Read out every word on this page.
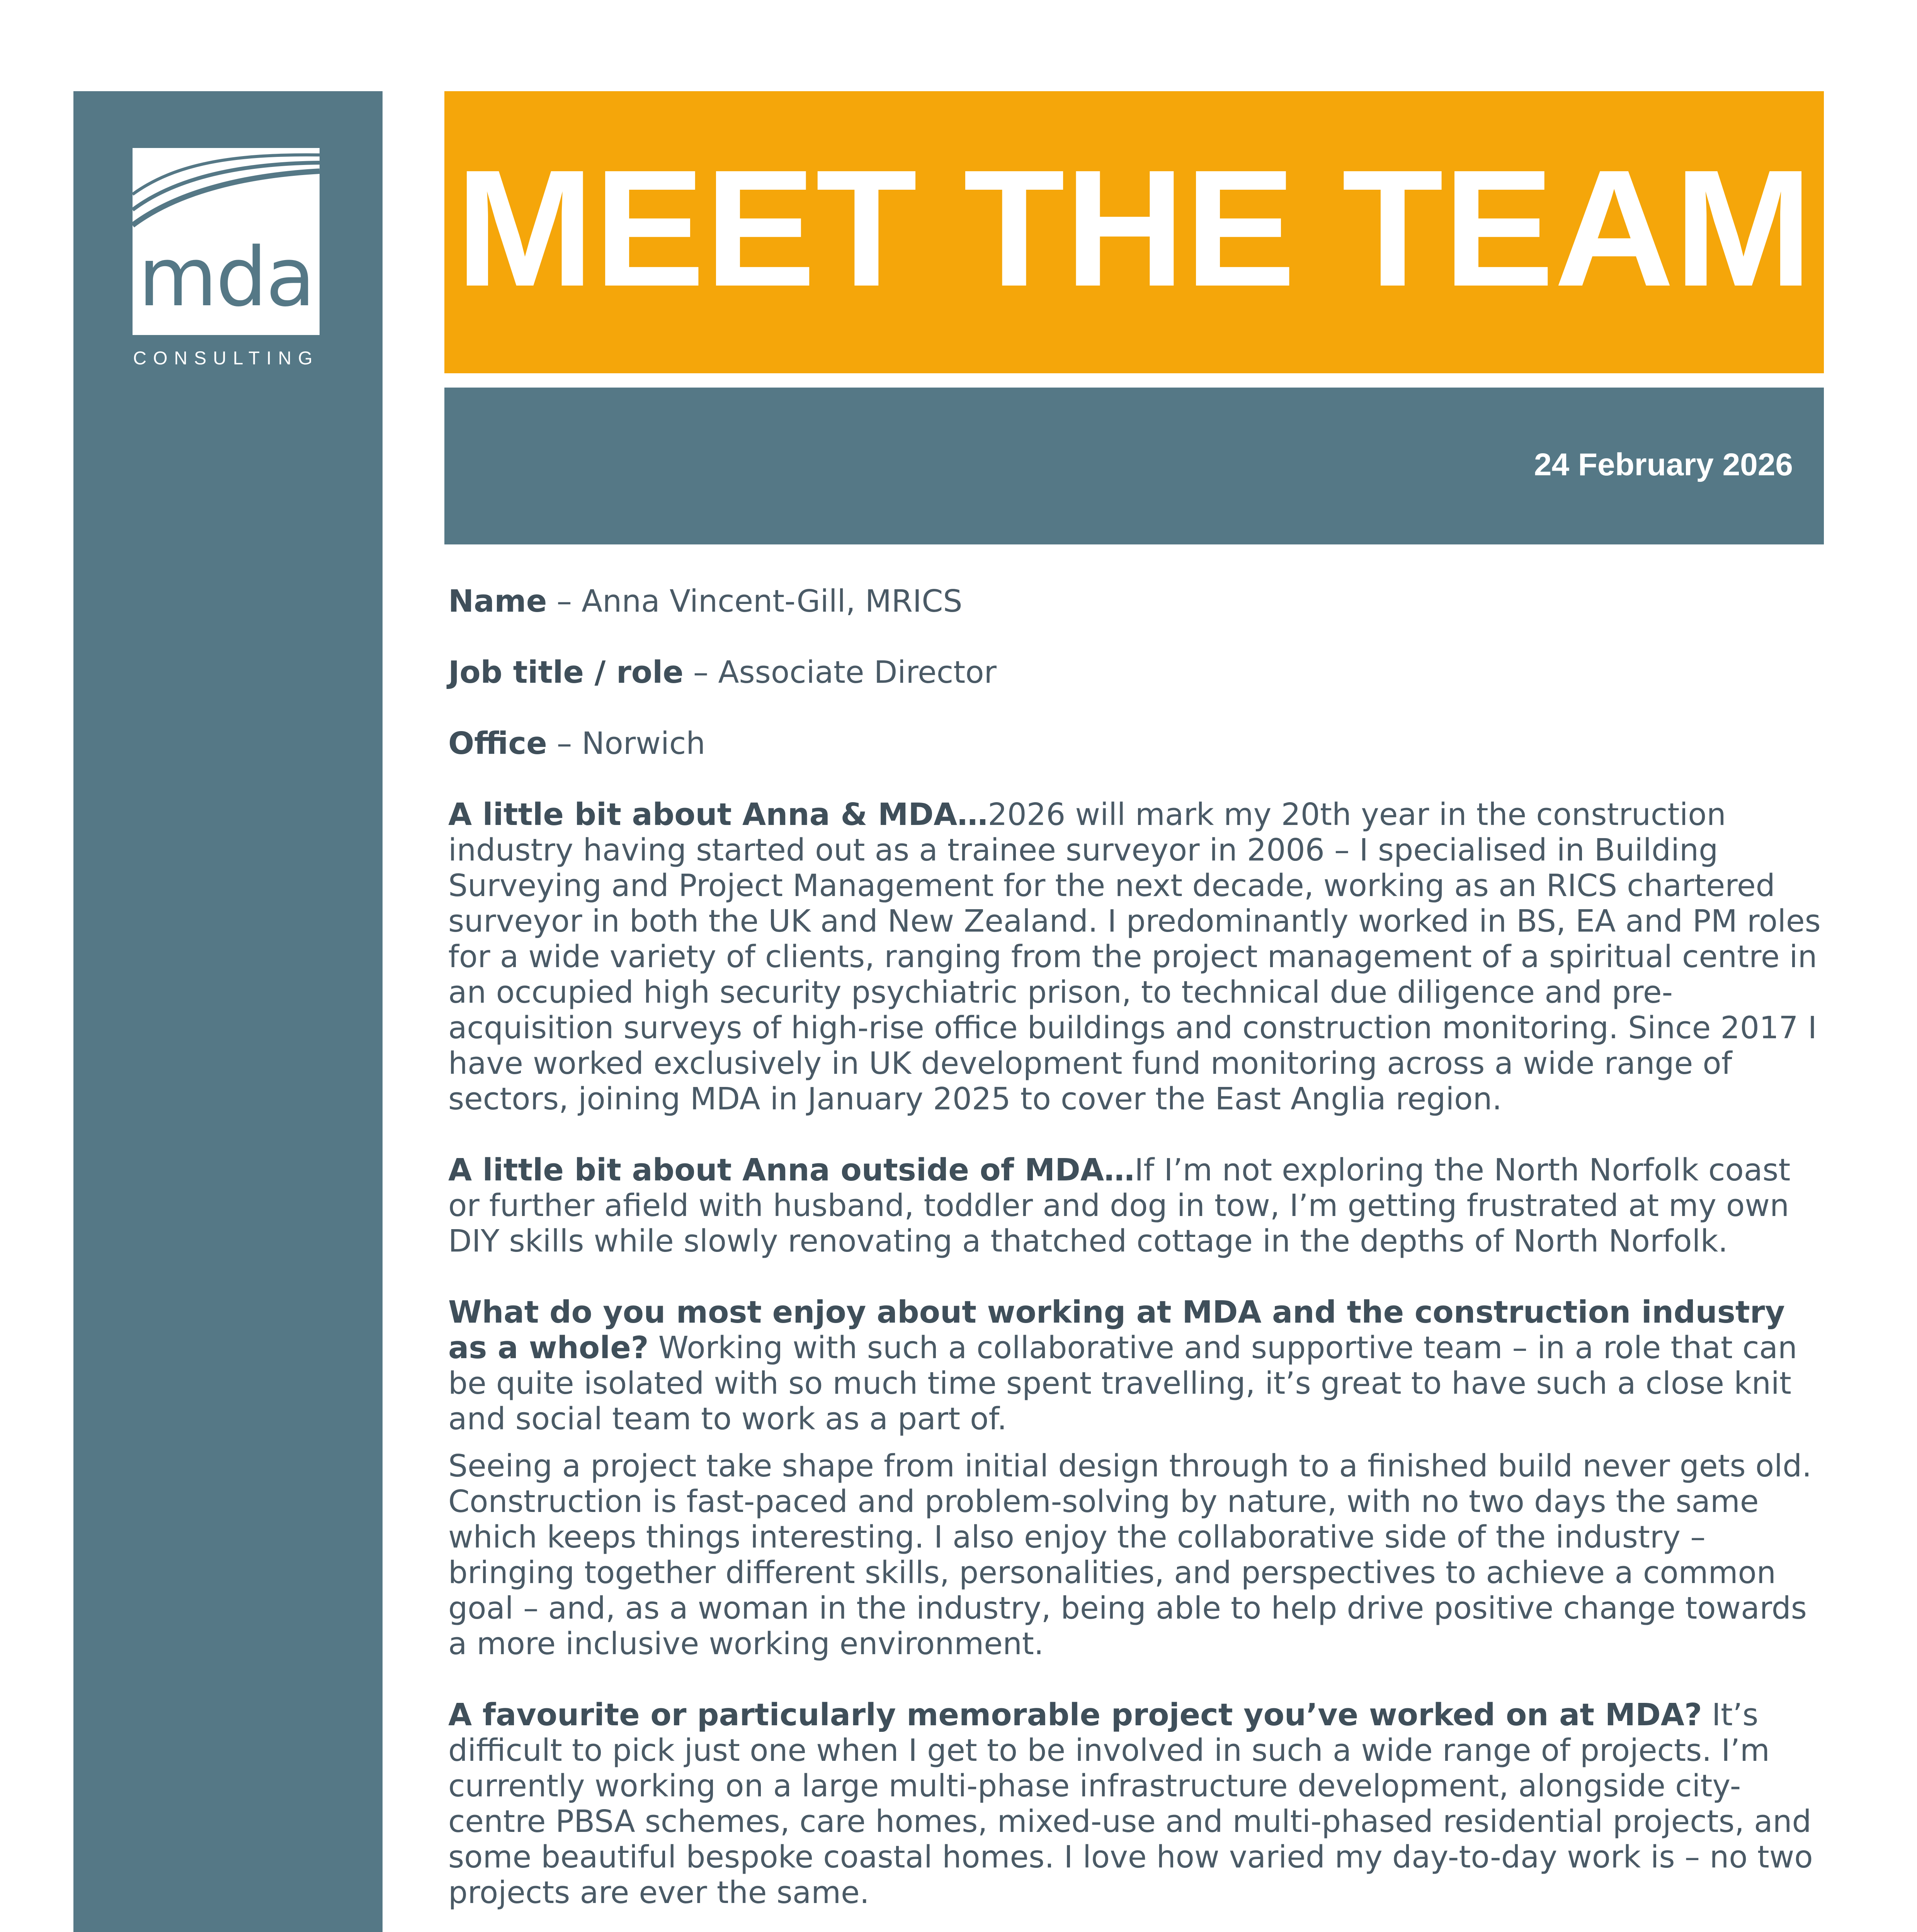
mda
CONSULTING
MEET THE TEAM
24 February 2026

Name – Anna Vincent-Gill, MRICS

Job title / role – Associate Director

Office – Norwich

A little bit about Anna & MDA…2026 will mark my 20th year in the construction industry having started out as a trainee surveyor in 2006 – I specialised in Building Surveying and Project Management for the next decade, working as an RICS chartered surveyor in both the UK and New Zealand. I predominantly worked in BS, EA and PM roles for a wide variety of clients, ranging from the project management of a spiritual centre in an occupied high security psychiatric prison, to technical due diligence and pre-acquisition surveys of high-rise office buildings and construction monitoring. Since 2017 I have worked exclusively in UK development fund monitoring across a wide range of sectors, joining MDA in January 2025 to cover the East Anglia region.

A little bit about Anna outside of MDA…If I’m not exploring the North Norfolk coast or further afield with husband, toddler and dog in tow, I’m getting frustrated at my own DIY skills while slowly renovating a thatched cottage in the depths of North Norfolk.

What do you most enjoy about working at MDA and the construction industry as a whole? Working with such a collaborative and supportive team – in a role that can be quite isolated with so much time spent travelling, it’s great to have such a close knit and social team to work as a part of.

Seeing a project take shape from initial design through to a finished build never gets old. Construction is fast-paced and problem-solving by nature, with no two days the same which keeps things interesting. I also enjoy the collaborative side of the industry – bringing together different skills, personalities, and perspectives to achieve a common goal – and, as a woman in the industry, being able to help drive positive change towards a more inclusive working environment.

A favourite or particularly memorable project you’ve worked on at MDA? It’s difficult to pick just one when I get to be involved in such a wide range of projects. I’m currently working on a large multi-phase infrastructure development, alongside city-centre PBSA schemes, care homes, mixed-use and multi-phased residential projects, and some beautiful bespoke coastal homes. I love how varied my day-to-day work is – no two projects are ever the same.
